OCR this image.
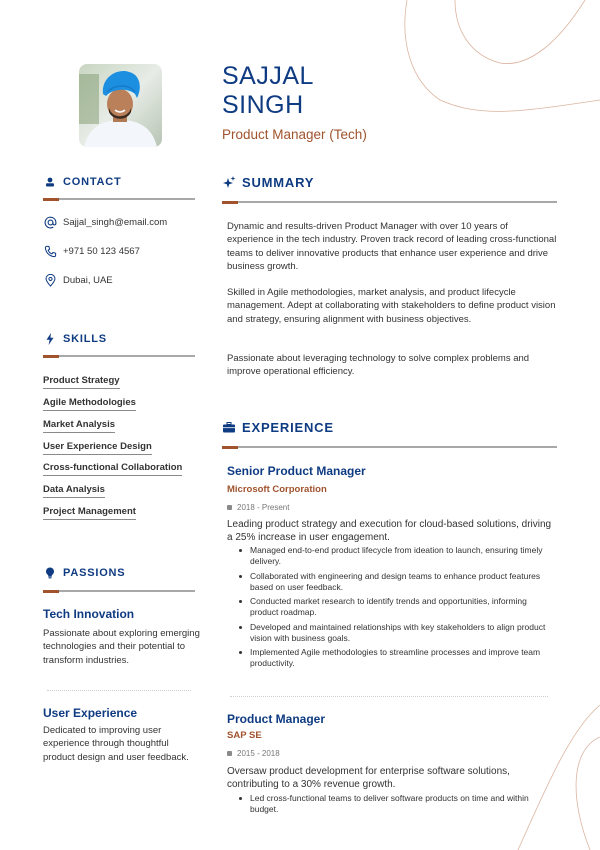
SAJJAL
SINGH
Product Manager (Tech)
CONTACT
Sajjal_singh@email.com
+971 50 123 4567
Dubai, UAE
SKILLS
Product Strategy
Agile Methodologies
Market Analysis
User Experience Design
Cross-functional Collaboration
Data Analysis
Project Management
PASSIONS
Tech Innovation
Passionate about exploring emerging technologies and their potential to transform industries.
User Experience
Dedicated to improving user experience through thoughtful product design and user feedback.
SUMMARY
Dynamic and results-driven Product Manager with over 10 years of experience in the tech industry. Proven track record of leading cross-functional teams to deliver innovative products that enhance user experience and drive business growth.
Skilled in Agile methodologies, market analysis, and product lifecycle management. Adept at collaborating with stakeholders to define product vision and strategy, ensuring alignment with business objectives.
Passionate about leveraging technology to solve complex problems and improve operational efficiency.
EXPERIENCE
Senior Product Manager
Microsoft Corporation
2018 - Present
Leading product strategy and execution for cloud-based solutions, driving a 25% increase in user engagement.
Managed end-to-end product lifecycle from ideation to launch, ensuring timely delivery.
Collaborated with engineering and design teams to enhance product features based on user feedback.
Conducted market research to identify trends and opportunities, informing product roadmap.
Developed and maintained relationships with key stakeholders to align product vision with business goals.
Implemented Agile methodologies to streamline processes and improve team productivity.
Product Manager
SAP SE
2015 - 2018
Oversaw product development for enterprise software solutions, contributing to a 30% revenue growth.
Led cross-functional teams to deliver software products on time and within budget.
